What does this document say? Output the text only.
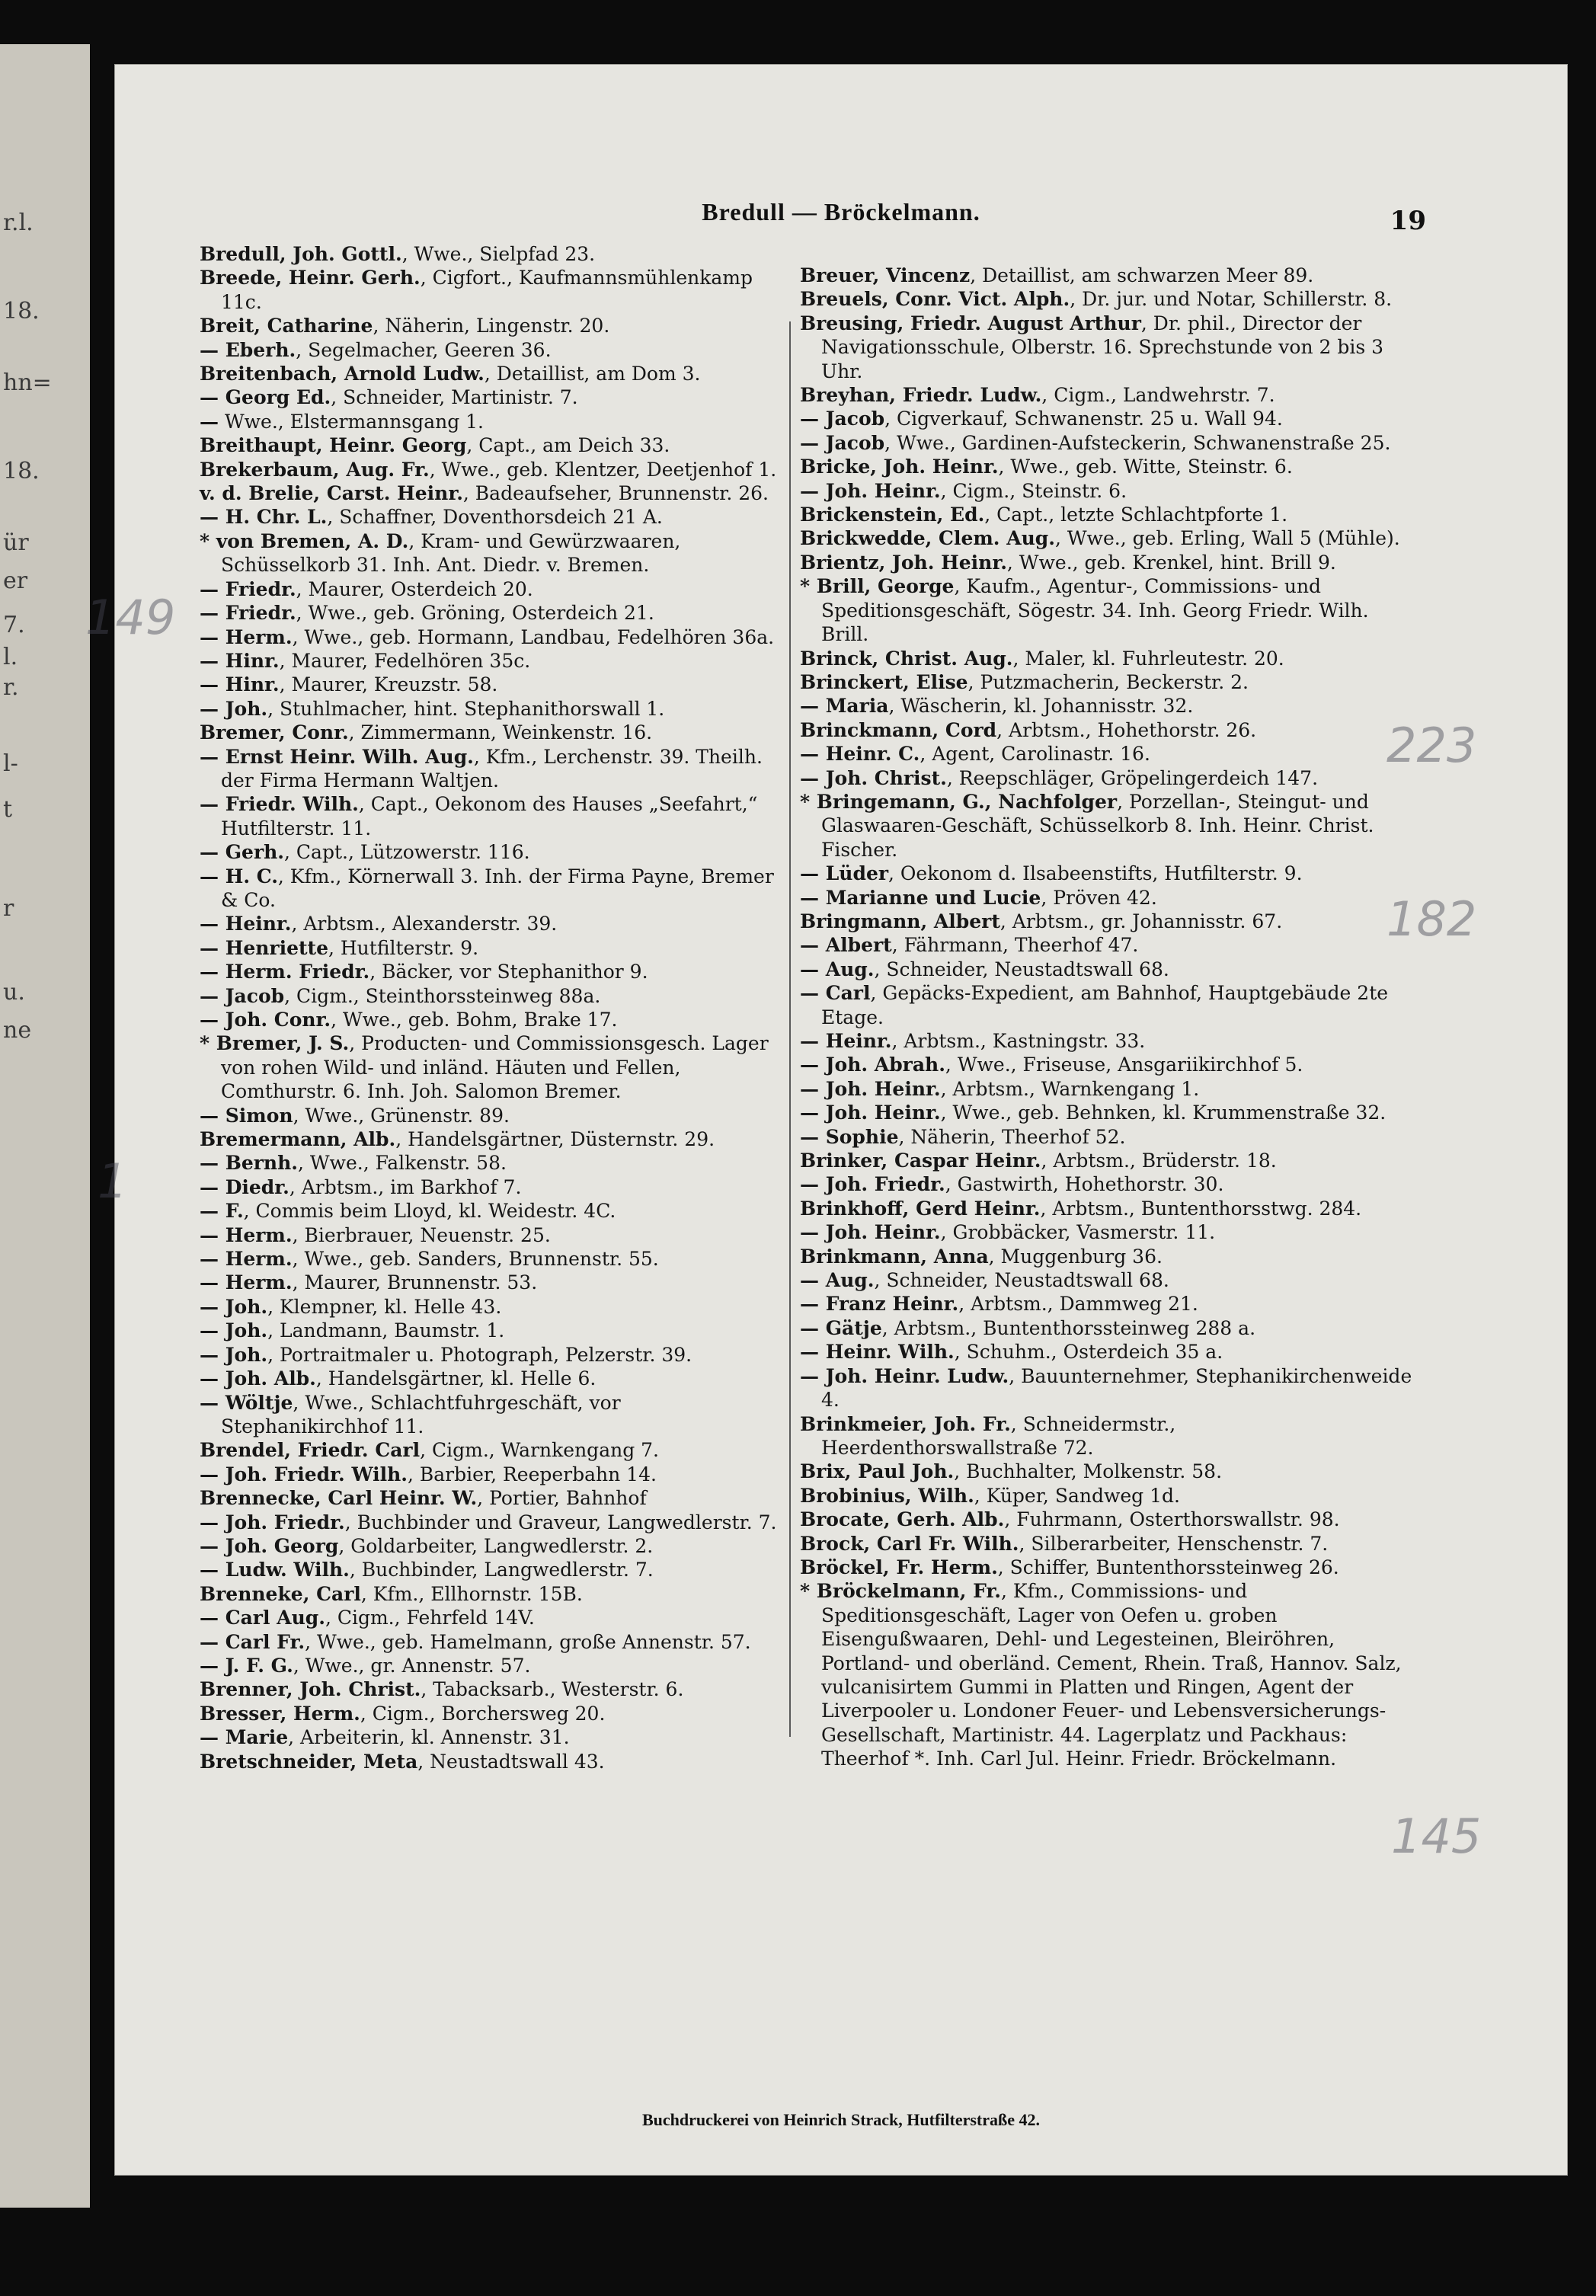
r.l.
18.
hn=
18.
ür
er
7.
l.
r.
l-
t
r
u.
ne
Bredull — Bröckelmann.	19

Bredull, Joh. Gottl., Wwe., Sielpfad 23.

Breede, Heinr. Gerh., Cigfort., Kaufmannsmühlenkamp 11c.

Breit, Catharine, Näherin, Lingenstr. 20.

— Eberh., Segelmacher, Geeren 36.

Breitenbach, Arnold Ludw., Detaillist, am Dom 3.

— Georg Ed., Schneider, Martinistr. 7.

— Wwe., Elstermannsgang 1.

Breithaupt, Heinr. Georg, Capt., am Deich 33.

Brekerbaum, Aug. Fr., Wwe., geb. Klentzer, Deetjenhof 1.

v. d. Brelie, Carst. Heinr., Badeaufseher, Brunnenstr. 26.

— H. Chr. L., Schaffner, Doventhorsdeich 21 A.

* von Bremen, A. D., Kram- und Gewürzwaaren, Schüsselkorb 31. Inh. Ant. Diedr. v. Bremen.

— Friedr., Maurer, Osterdeich 20.

— Friedr., Wwe., geb. Gröning, Osterdeich 21.

— Herm., Wwe., geb. Hormann, Landbau, Fedelhören 36a.

— Hinr., Maurer, Fedelhören 35c.

— Hinr., Maurer, Kreuzstr. 58.

— Joh., Stuhlmacher, hint. Stephanithorswall 1.

Bremer, Conr., Zimmermann, Weinkenstr. 16.

— Ernst Heinr. Wilh. Aug., Kfm., Lerchenstr. 39. Theilh. der Firma Hermann Waltjen.

— Friedr. Wilh., Capt., Oekonom des Hauses „Seefahrt,“ Hutfilterstr. 11.

— Gerh., Capt., Lützowerstr. 116.

— H. C., Kfm., Körnerwall 3. Inh. der Firma Payne, Bremer & Co.

— Heinr., Arbtsm., Alexanderstr. 39.

— Henriette, Hutfilterstr. 9.

— Herm. Friedr., Bäcker, vor Stephanithor 9.

— Jacob, Cigm., Steinthorssteinweg 88a.

— Joh. Conr., Wwe., geb. Bohm, Brake 17.

* Bremer, J. S., Producten- und Commissionsgesch. Lager von rohen Wild- und inländ. Häuten und Fellen, Comthurstr. 6. Inh. Joh. Salomon Bremer.

— Simon, Wwe., Grünenstr. 89.

Bremermann, Alb., Handelsgärtner, Düsternstr. 29.

— Bernh., Wwe., Falkenstr. 58.

— Diedr., Arbtsm., im Barkhof 7.

— F., Commis beim Lloyd, kl. Weidestr. 4C.

— Herm., Bierbrauer, Neuenstr. 25.

— Herm., Wwe., geb. Sanders, Brunnenstr. 55.

— Herm., Maurer, Brunnenstr. 53.

— Joh., Klempner, kl. Helle 43.

— Joh., Landmann, Baumstr. 1.

— Joh., Portraitmaler u. Photograph, Pelzerstr. 39.

— Joh. Alb., Handelsgärtner, kl. Helle 6.

— Wöltje, Wwe., Schlachtfuhrgeschäft, vor Stephanikirchhof 11.

Brendel, Friedr. Carl, Cigm., Warnkengang 7.

— Joh. Friedr. Wilh., Barbier, Reeperbahn 14.

Brennecke, Carl Heinr. W., Portier, Bahnhof

— Joh. Friedr., Buchbinder und Graveur, Langwedlerstr. 7.

— Joh. Georg, Goldarbeiter, Langwedlerstr. 2.

— Ludw. Wilh., Buchbinder, Langwedlerstr. 7.

Brenneke, Carl, Kfm., Ellhornstr. 15B.

— Carl Aug., Cigm., Fehrfeld 14V.

— Carl Fr., Wwe., geb. Hamelmann, große Annenstr. 57.

— J. F. G., Wwe., gr. Annenstr. 57.

Brenner, Joh. Christ., Tabacksarb., Westerstr. 6.

Bresser, Herm., Cigm., Borchersweg 20.

— Marie, Arbeiterin, kl. Annenstr. 31.

Bretschneider, Meta, Neustadtswall 43.

Breuer, Vincenz, Detaillist, am schwarzen Meer 89.

Breuels, Conr. Vict. Alph., Dr. jur. und Notar, Schillerstr. 8.

Breusing, Friedr. August Arthur, Dr. phil., Director der Navigationsschule, Olberstr. 16. Sprechstunde von 2 bis 3 Uhr.

Breyhan, Friedr. Ludw., Cigm., Landwehrstr. 7.

— Jacob, Cigverkauf, Schwanenstr. 25 u. Wall 94.

— Jacob, Wwe., Gardinen-Aufsteckerin, Schwanenstraße 25.

Bricke, Joh. Heinr., Wwe., geb. Witte, Steinstr. 6.

— Joh. Heinr., Cigm., Steinstr. 6.

Brickenstein, Ed., Capt., letzte Schlachtpforte 1.

Brickwedde, Clem. Aug., Wwe., geb. Erling, Wall 5 (Mühle).

Brientz, Joh. Heinr., Wwe., geb. Krenkel, hint. Brill 9.

* Brill, George, Kaufm., Agentur-, Commissions- und Speditionsgeschäft, Sögestr. 34. Inh. Georg Friedr. Wilh. Brill.

Brinck, Christ. Aug., Maler, kl. Fuhrleutestr. 20.

Brinckert, Elise, Putzmacherin, Beckerstr. 2.

— Maria, Wäscherin, kl. Johannisstr. 32.

Brinckmann, Cord, Arbtsm., Hohethorstr. 26.

— Heinr. C., Agent, Carolinastr. 16.

— Joh. Christ., Reepschläger, Gröpelingerdeich 147.

* Bringemann, G., Nachfolger, Porzellan-, Steingut- und Glaswaaren-Geschäft, Schüsselkorb 8. Inh. Heinr. Christ. Fischer.

— Lüder, Oekonom d. Ilsabeenstifts, Hutfilterstr. 9.

— Marianne und Lucie, Pröven 42.

Bringmann, Albert, Arbtsm., gr. Johannisstr. 67.

— Albert, Fährmann, Theerhof 47.

— Aug., Schneider, Neustadtswall 68.

— Carl, Gepäcks-Expedient, am Bahnhof, Hauptgebäude 2te Etage.

— Heinr., Arbtsm., Kastningstr. 33.

— Joh. Abrah., Wwe., Friseuse, Ansgariikirchhof 5.

— Joh. Heinr., Arbtsm., Warnkengang 1.

— Joh. Heinr., Wwe., geb. Behnken, kl. Krummenstraße 32.

— Sophie, Näherin, Theerhof 52.

Brinker, Caspar Heinr., Arbtsm., Brüderstr. 18.

— Joh. Friedr., Gastwirth, Hohethorstr. 30.

Brinkhoff, Gerd Heinr., Arbtsm., Buntenthorsstwg. 284.

— Joh. Heinr., Grobbäcker, Vasmerstr. 11.

Brinkmann, Anna, Muggenburg 36.

— Aug., Schneider, Neustadtswall 68.

— Franz Heinr., Arbtsm., Dammweg 21.

— Gätje, Arbtsm., Buntenthorssteinweg 288 a.

— Heinr. Wilh., Schuhm., Osterdeich 35 a.

— Joh. Heinr. Ludw., Bauunternehmer, Stephanikirchenweide 4.

Brinkmeier, Joh. Fr., Schneidermstr., Heerdenthorswallstraße 72.

Brix, Paul Joh., Buchhalter, Molkenstr. 58.

Brobinius, Wilh., Küper, Sandweg 1d.

Brocate, Gerh. Alb., Fuhrmann, Osterthorswallstr. 98.

Brock, Carl Fr. Wilh., Silberarbeiter, Henschenstr. 7.

Bröckel, Fr. Herm., Schiffer, Buntenthorssteinweg 26.

* Bröckelmann, Fr., Kfm., Commissions- und Speditionsgeschäft, Lager von Oefen u. groben Eisengußwaaren, Dehl- und Legesteinen, Bleiröhren, Portland- und oberländ. Cement, Rhein. Traß, Hannov. Salz, vulcanisirtem Gummi in Platten und Ringen, Agent der Liverpooler u. Londoner Feuer- und Lebensversicherungs-Gesellschaft, Martinistr. 44. Lagerplatz und Packhaus: Theerhof *. Inh. Carl Jul. Heinr. Friedr. Bröckelmann.

149
223
182
1
145
Buchdruckerei von Heinrich Strack, Hutfilterstraße 42.
